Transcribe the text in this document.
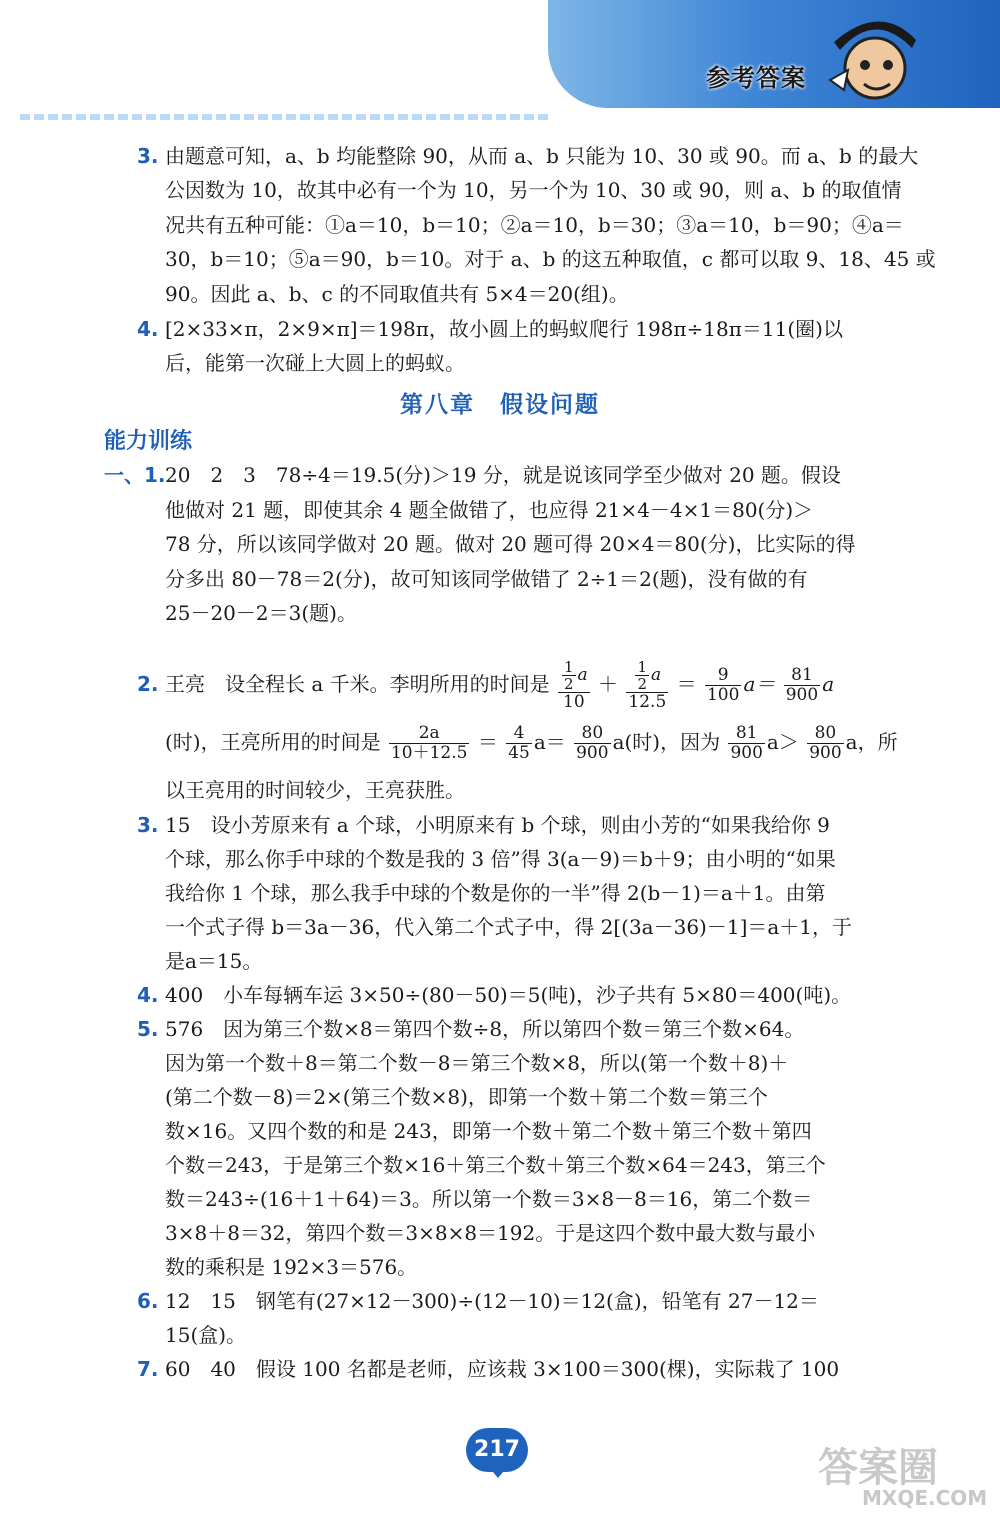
参考答案
3. 由题意可知，a、b 均能整除 90，从而 a、b 只能为 10、30 或 90。而 a、b 的最大
公因数为 10，故其中必有一个为 10，另一个为 10、30 或 90，则 a、b 的取值情
况共有五种可能：①a＝10，b＝10；②a＝10，b＝30；③a＝10，b＝90；④a＝
30，b＝10；⑤a＝90，b＝10。对于 a、b 的这五种取值，c 都可以取 9、18、45 或
90。因此 a、b、c 的不同取值共有 5×4＝20(组)。
4. [2×33×π，2×9×π]＝198π，故小圆上的蚂蚁爬行 198π÷18π＝11(圈)以
后，能第一次碰上大圆上的蚂蚁。
第八章　假设问题
能力训练
一、1. 20　2　3　78÷4＝19.5(分)＞19 分，就是说该同学至少做对 20 题。假设
他做对 21 题，即使其余 4 题全做错了，也应得 21×4－4×1＝80(分)＞
78 分，所以该同学做对 20 题。做对 20 题可得 20×4＝80(分)，比实际的得
分多出 80－78＝2(分)，故可知该同学做错了 2÷1＝2(题)，没有做的有
25－20－2＝3(题)。
2. 王亮　设全程长 a 千米。李明所用的时间是 $\frac{\frac{1}{2} a}{10} + \frac{\frac{1}{2} a}{12.5} = \frac{9}{100} a= \frac{81}{900}$ a
(时)，王亮所用的时间是 $\frac{2a}{10+12.5} = \frac{4}{45} a= \frac{80}{900} a$(时)，因为 $\frac{81}{900} a> \frac{80}{900}$ a，所
以王亮用的时间较少，王亮获胜。
3. 15　设小芳原来有 a 个球，小明原来有 b 个球，则由小芳的“如果我给你 9
个球，那么你手中球的个数是我的 3 倍”得 3(a－9)＝b＋9；由小明的“如果
我给你 1 个球，那么我手中球的个数是你的一半”得 2(b－1)＝a＋1。由第
一个式子得 b＝3a－36，代入第二个式子中，得 2[(3a－36)－1]＝a＋1，于
是a＝15。
4. 400　小车每辆车运 3×50÷(80－50)＝5(吨)，沙子共有 5×80＝400(吨)。
5. 576　因为第三个数×8＝第四个数÷8，所以第四个数＝第三个数×64。
因为第一个数＋8＝第二个数－8＝第三个数×8，所以(第一个数＋8)＋
(第二个数－8)＝2×(第三个数×8)，即第一个数＋第二个数＝第三个
数×16。又四个数的和是 243，即第一个数＋第二个数＋第三个数＋第四
个数＝243，于是第三个数×16＋第三个数＋第三个数×64＝243，第三个
数＝243÷(16＋1＋64)＝3。所以第一个数＝3×8－8＝16，第二个数＝
3×8＋8＝32，第四个数＝3×8×8＝192。于是这四个数中最大数与最小
数的乘积是 192×3＝576。
6. 12　15　钢笔有(27×12－300)÷(12－10)＝12(盒)，铅笔有 27－12＝
15(盒)。
7. 60　40　假设 100 名都是老师，应该栽 3×100＝300(棵)，实际栽了 100
217	答案圈
MXQE.COM
